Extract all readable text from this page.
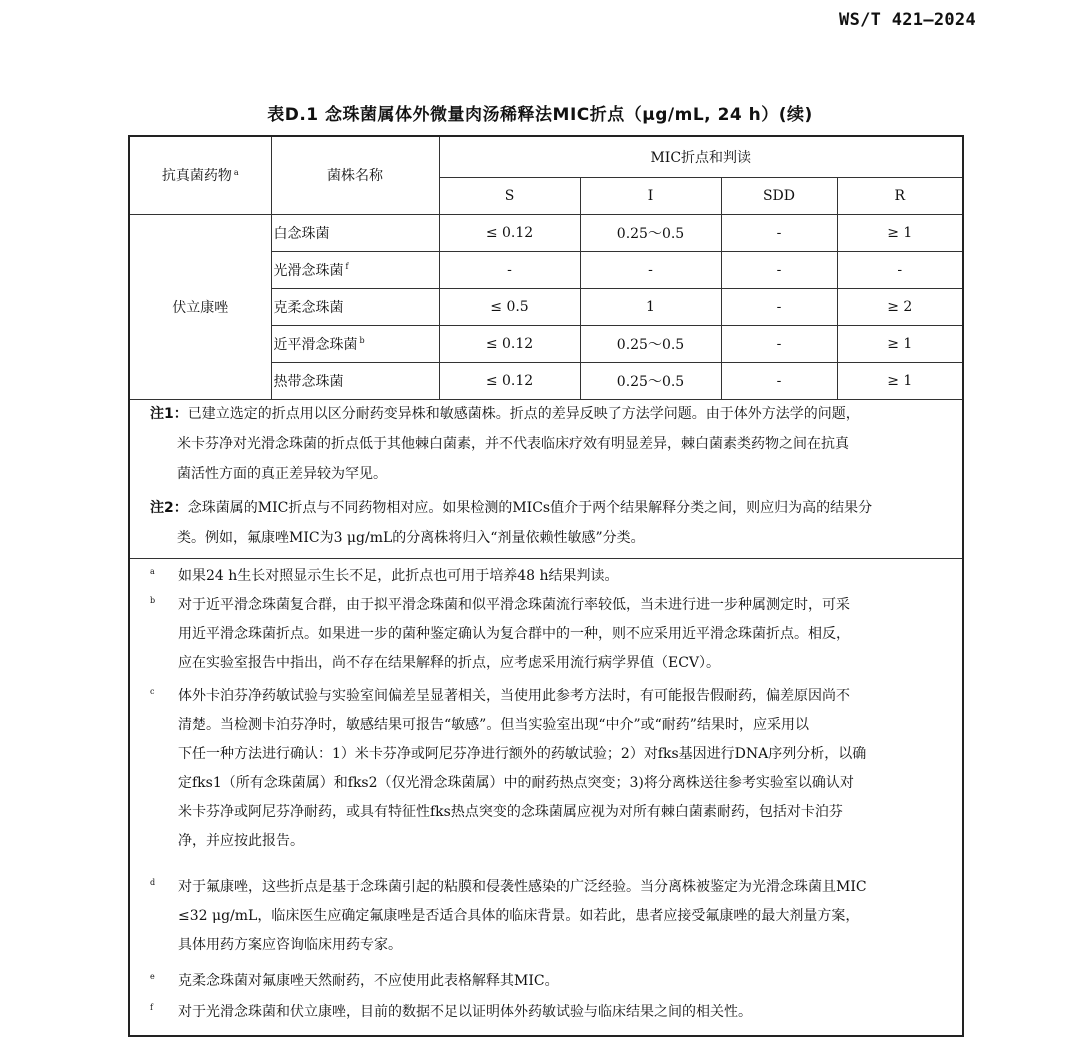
WS/T 421—2024
表D.1 念珠菌属体外微量肉汤稀释法MIC折点（μg/mL, 24 h）(续)
抗真菌药物 $^a$	菌株名称	MIC折点和判读			
		S	I	SDD	R
伏立康唑	白念珠菌	≤ 0.12	0.25～0.5	-	≥ 1
	光滑念珠菌 $^f$	-	-	-	-
	克柔念珠菌	≤ 0.5	1	-	≥ 2
	近平滑念珠菌 $^b$	≤ 0.12	0.25～0.5	-	≥ 1
	热带念珠菌	≤ 0.12	0.25～0.5	-	≥ 1
注1：已建立选定的折点用以区分耐药变异株和敏感菌株。折点的差异反映了方法学问题。由于体外方法学的问题，
米卡芬净对光滑念珠菌的折点低于其他棘白菌素，并不代表临床疗效有明显差异，棘白菌素类药物之间在抗真
菌活性方面的真正差异较为罕见。
注2：念珠菌属的MIC折点与不同药物相对应。如果检测的MICs值介于两个结果解释分类之间，则应归为高的结果分
类。例如，氟康唑MIC为3 μg/mL的分离株将归入“剂量依赖性敏感”分类。
a 如果24 h生长对照显示生长不足，此折点也可用于培养48 h结果判读。
b 对于近平滑念珠菌复合群，由于拟平滑念珠菌和似平滑念珠菌流行率较低，当未进行进一步种属测定时，可采
用近平滑念珠菌折点。如果进一步的菌种鉴定确认为复合群中的一种，则不应采用近平滑念珠菌折点。相反，
应在实验室报告中指出，尚不存在结果解释的折点，应考虑采用流行病学界值（ECV）。
c 体外卡泊芬净药敏试验与实验室间偏差呈显著相关，当使用此参考方法时，有可能报告假耐药，偏差原因尚不
清楚。当检测卡泊芬净时，敏感结果可报告“敏感”。但当实验室出现“中介”或“耐药”结果时，应采用以
下任一种方法进行确认：1）米卡芬净或阿尼芬净进行额外的药敏试验；2）对fks基因进行DNA序列分析，以确
定fks1（所有念珠菌属）和fks2（仅光滑念珠菌属）中的耐药热点突变；3)将分离株送往参考实验室以确认对
米卡芬净或阿尼芬净耐药，或具有特征性fks热点突变的念珠菌属应视为对所有棘白菌素耐药，包括对卡泊芬
净，并应按此报告。
d 对于氟康唑，这些折点是基于念珠菌引起的粘膜和侵袭性感染的广泛经验。当分离株被鉴定为光滑念珠菌且MIC
≤32 μg/mL，临床医生应确定氟康唑是否适合具体的临床背景。如若此，患者应接受氟康唑的最大剂量方案，
具体用药方案应咨询临床用药专家。
e 克柔念珠菌对氟康唑天然耐药，不应使用此表格解释其MIC。
f 对于光滑念珠菌和伏立康唑，目前的数据不足以证明体外药敏试验与临床结果之间的相关性。
